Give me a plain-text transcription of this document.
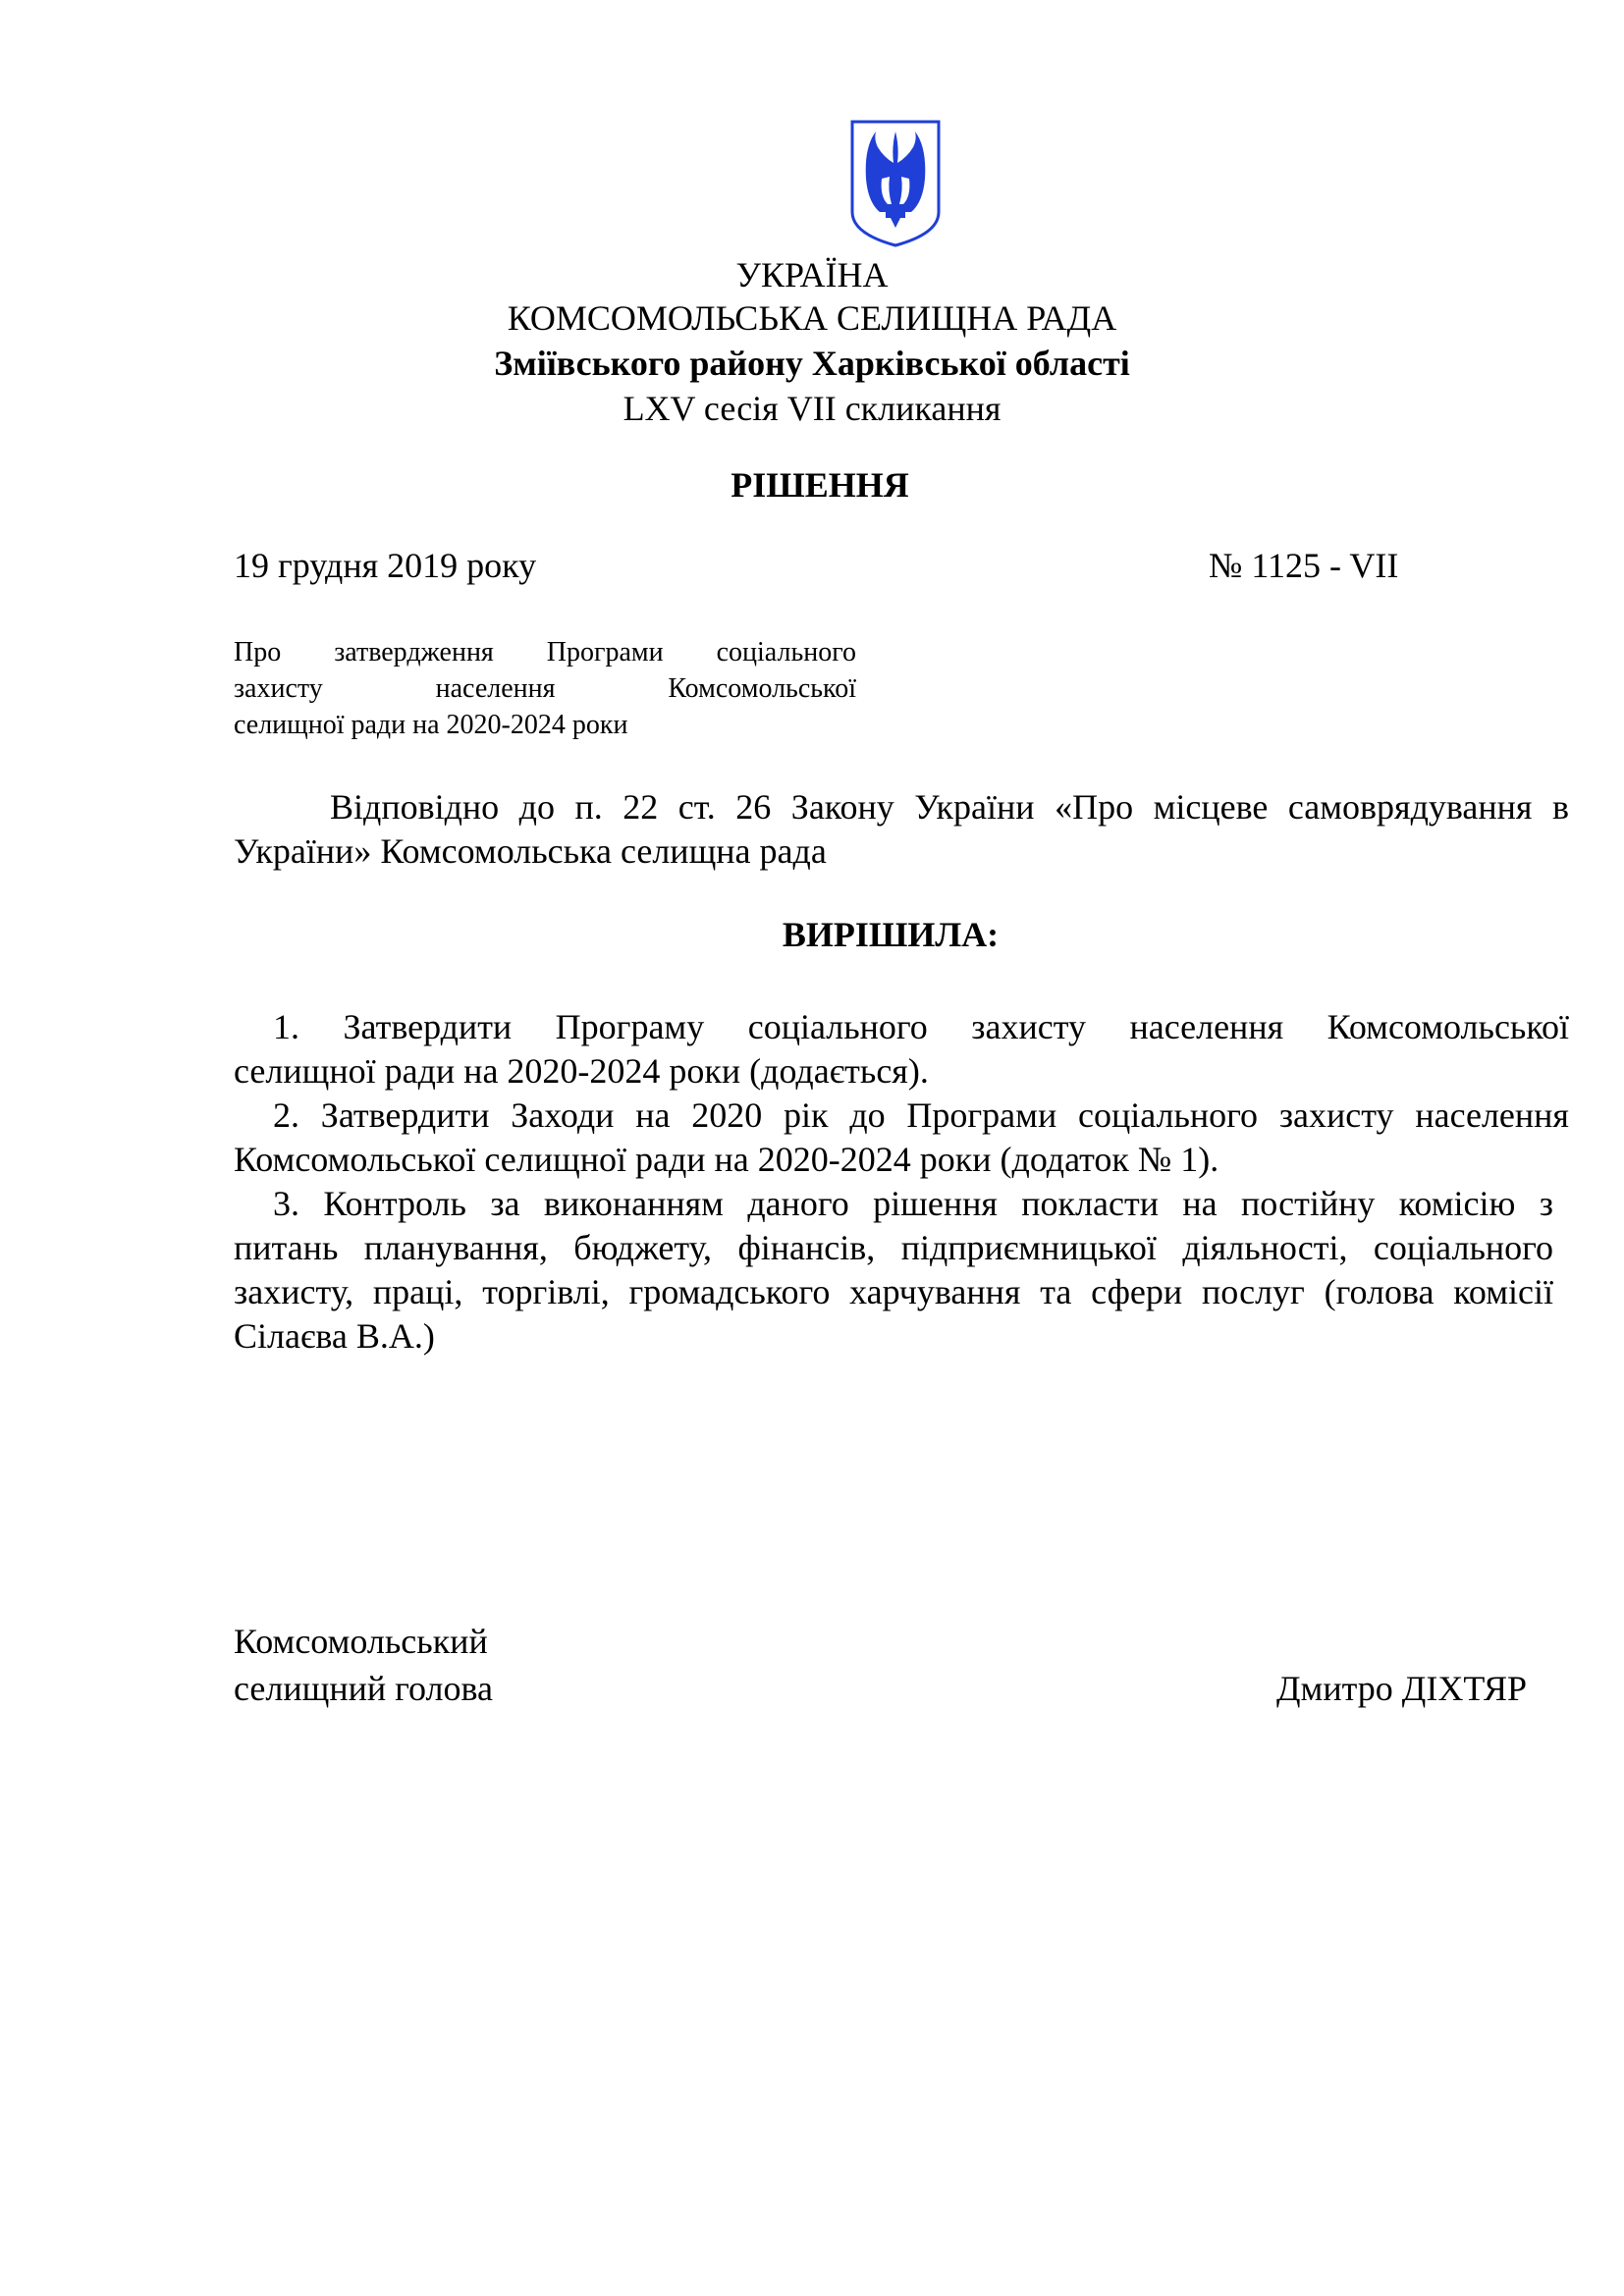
УКРАЇНА
КОМСОМОЛЬСЬКА СЕЛИЩНА РАДА
Зміївського району Харківської області
LXV сесія VII скликання
РІШЕННЯ
19 грудня 2019 року	№ 1125 - VII
Про затвердження Програми соціального
захисту населення Комсомольської
селищної ради на 2020-2024 роки
Відповідно до п. 22 ст. 26 Закону України «Про місцеве самоврядування в
України» Комсомольська селищна рада
ВИРІШИЛА:
1. Затвердити Програму соціального захисту населення Комсомольської
селищної ради на 2020-2024 роки (додається).
2. Затвердити Заходи на 2020 рік до Програми соціального захисту населення
Комсомольської селищної ради на 2020-2024 роки (додаток № 1).
3. Контроль за виконанням даного рішення покласти на постійну комісію з
питань планування, бюджету, фінансів, підприємницької діяльності, соціального
захисту, праці, торгівлі, громадського харчування та сфери послуг (голова комісії
Сілаєва В.А.)
Комсомольський
селищний голова	Дмитро ДІХТЯР
